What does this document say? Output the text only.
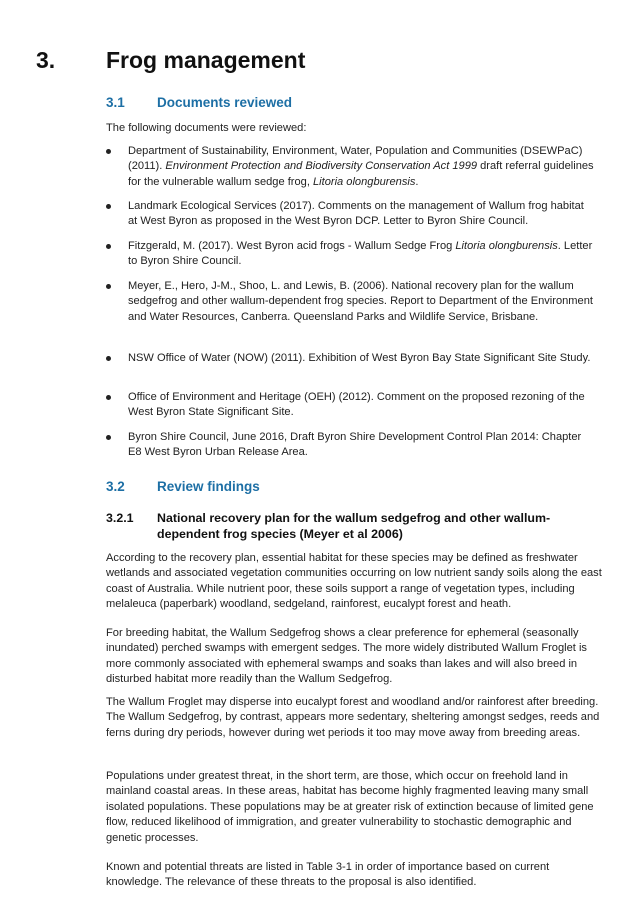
3. Frog management
3.1 Documents reviewed

The following documents were reviewed:

Department of Sustainability, Environment, Water, Population and Communities (DSEWPaC) (2011). Environment Protection and Biodiversity Conservation Act 1999 draft referral guidelines for the vulnerable wallum sedge frog, Litoria olongburensis.
Landmark Ecological Services (2017). Comments on the management of Wallum frog habitat at West Byron as proposed in the West Byron DCP. Letter to Byron Shire Council.
Fitzgerald, M. (2017). West Byron acid frogs - Wallum Sedge Frog Litoria olongburensis. Letter to Byron Shire Council.
Meyer, E., Hero, J-M., Shoo, L. and Lewis, B. (2006). National recovery plan for the wallum sedgefrog and other wallum-dependent frog species. Report to Department of the Environment and Water Resources, Canberra. Queensland Parks and Wildlife Service, Brisbane.
NSW Office of Water (NOW) (2011). Exhibition of West Byron Bay State Significant Site Study.
Office of Environment and Heritage (OEH) (2012). Comment on the proposed rezoning of the West Byron State Significant Site.
Byron Shire Council, June 2016, Draft Byron Shire Development Control Plan 2014: Chapter E8 West Byron Urban Release Area.
3.2 Review findings
3.2.1 National recovery plan for the wallum sedgefrog and other wallum-dependent frog species (Meyer et al 2006)

According to the recovery plan, essential habitat for these species may be defined as freshwater wetlands and associated vegetation communities occurring on low nutrient sandy soils along the east coast of Australia. While nutrient poor, these soils support a range of vegetation types, including melaleuca (paperbark) woodland, sedgeland, rainforest, eucalypt forest and heath.

For breeding habitat, the Wallum Sedgefrog shows a clear preference for ephemeral (seasonally inundated) perched swamps with emergent sedges. The more widely distributed Wallum Froglet is more commonly associated with ephemeral swamps and soaks than lakes and will also breed in disturbed habitat more readily than the Wallum Sedgefrog.

The Wallum Froglet may disperse into eucalypt forest and woodland and/or rainforest after breeding. The Wallum Sedgefrog, by contrast, appears more sedentary, sheltering amongst sedges, reeds and ferns during dry periods, however during wet periods it too may move away from breeding areas.

Populations under greatest threat, in the short term, are those, which occur on freehold land in mainland coastal areas. In these areas, habitat has become highly fragmented leaving many small isolated populations. These populations may be at greater risk of extinction because of limited gene flow, reduced likelihood of immigration, and greater vulnerability to stochastic demographic and genetic processes.

Known and potential threats are listed in Table 3-1 in order of importance based on current knowledge. The relevance of these threats to the proposal is also identified.
